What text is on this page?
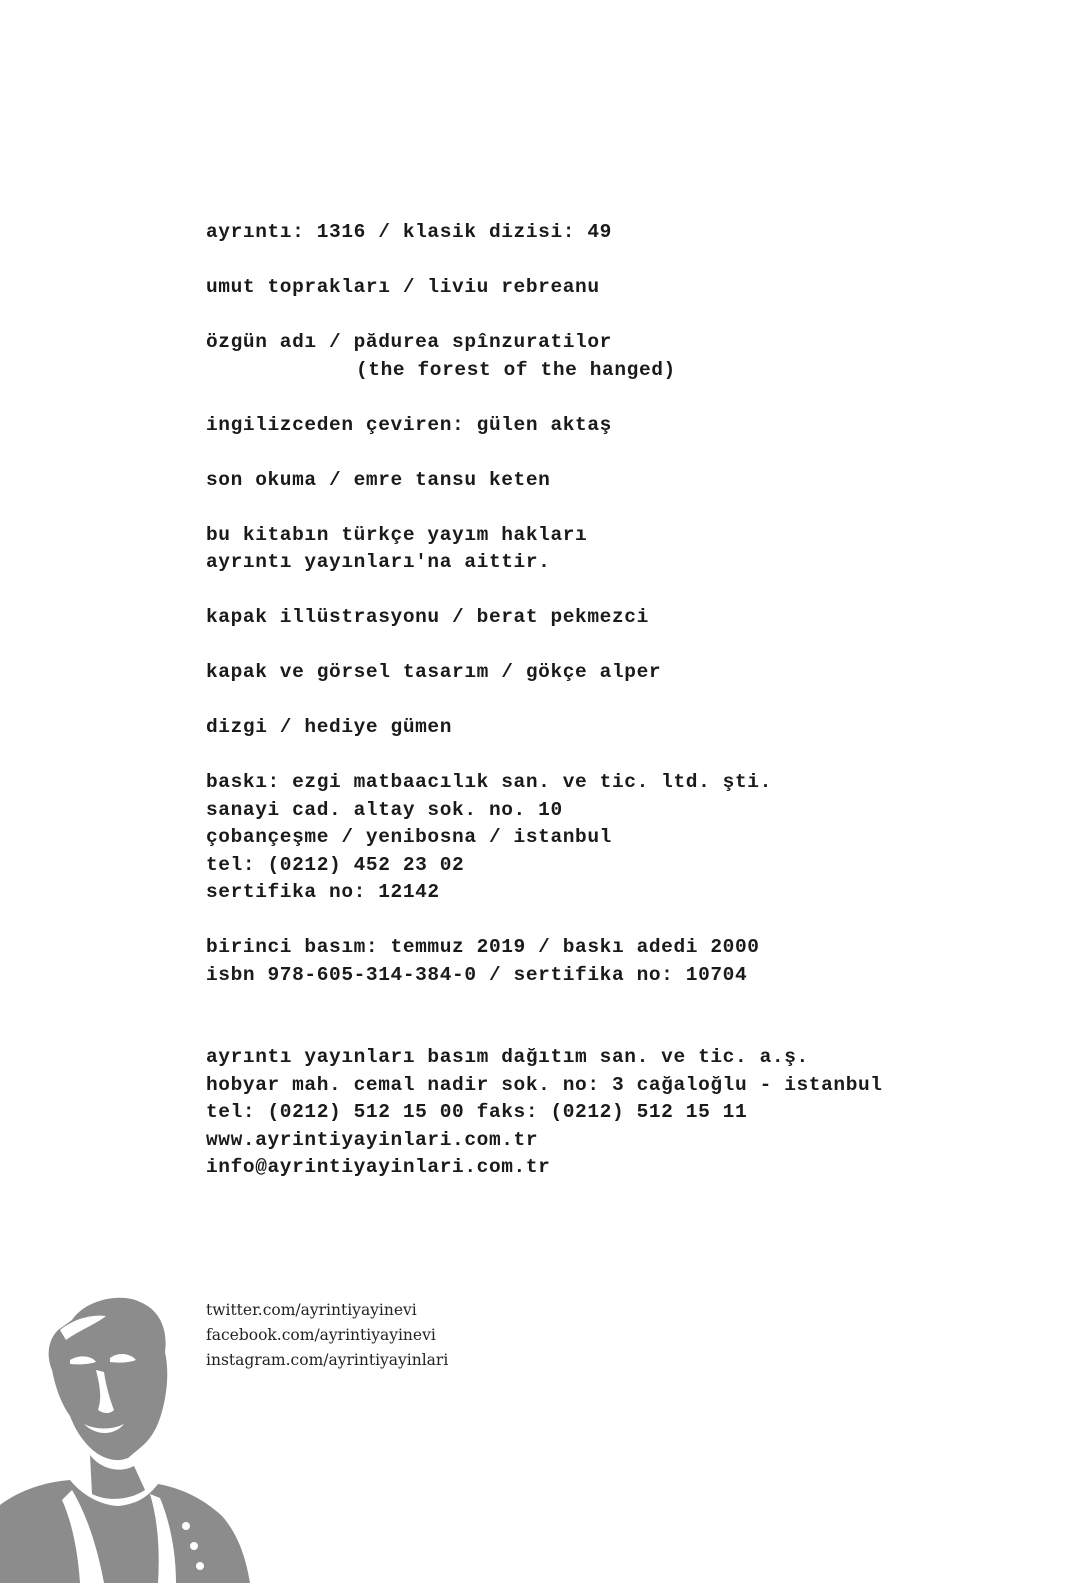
ayrıntı: 1316 / klasik dizisi: 49
umut toprakları / liviu rebreanu
özgün adı / pădurea spînzuratilor
(the forest of the hanged)
ingilizceden çeviren: gülen aktaş
son okuma / emre tansu keten
bu kitabın türkçe yayım hakları
ayrıntı yayınları'na aittir.
kapak illüstrasyonu / berat pekmezci
kapak ve görsel tasarım / gökçe alper
dizgi / hediye gümen
baskı: ezgi matbaacılık san. ve tic. ltd. şti.
sanayi cad. altay sok. no. 10
çobançeşme / yenibosna / istanbul
tel: (0212) 452 23 02
sertifika no: 12142
birinci basım: temmuz 2019 / baskı adedi 2000
isbn 978-605-314-384-0 / sertifika no: 10704
ayrıntı yayınları basım dağıtım san. ve tic. a.ş.
hobyar mah. cemal nadir sok. no: 3 cağaloğlu - istanbul
tel: (0212) 512 15 00 faks: (0212) 512 15 11
www.ayrintiyayinlari.com.tr
info@ayrintiyayinlari.com.tr
twitter.com/ayrintiyayinevi
facebook.com/ayrintiyayinevi
instagram.com/ayrintiyayinlari
